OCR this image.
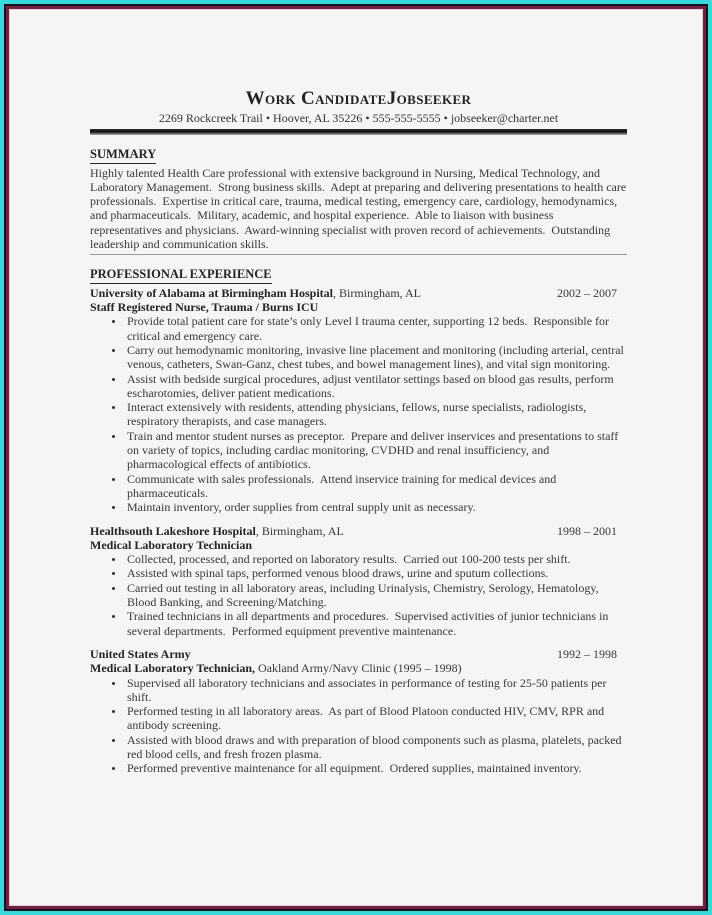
Work CandidateJobseeker
2269 Rockcreek Trail • Hoover, AL 35226 • 555-555-5555 • jobseeker@charter.net
SUMMARY
Highly talented Health Care professional with extensive background in Nursing, Medical Technology, and Laboratory Management.  Strong business skills.  Adept at preparing and delivering presentations to health care professionals.  Expertise in critical care, trauma, medical testing, emergency care, cardiology, hemodynamics, and pharmaceuticals.  Military, academic, and hospital experience.  Able to liaison with business representatives and physicians.  Award-winning specialist with proven record of achievements.  Outstanding leadership and communication skills.
PROFESSIONAL EXPERIENCE
University of Alabama at Birmingham Hospital, Birmingham, AL	2002 – 2007
Staff Registered Nurse, Trauma / Burns ICU
• Provide total patient care for state’s only Level I trauma center, supporting 12 beds.  Responsible for critical and emergency care.
• Carry out hemodynamic monitoring, invasive line placement and monitoring (including arterial, central venous, catheters, Swan-Ganz, chest tubes, and bowel management lines), and vital sign monitoring.
• Assist with bedside surgical procedures, adjust ventilator settings based on blood gas results, perform escharotomies, deliver patient medications.
• Interact extensively with residents, attending physicians, fellows, nurse specialists, radiologists, respiratory therapists, and case managers.
• Train and mentor student nurses as preceptor.  Prepare and deliver inservices and presentations to staff on variety of topics, including cardiac monitoring, CVDHD and renal insufficiency, and pharmacological effects of antibiotics.
• Communicate with sales professionals.  Attend inservice training for medical devices and pharmaceuticals.
• Maintain inventory, order supplies from central supply unit as necessary.
Healthsouth Lakeshore Hospital, Birmingham, AL	1998 – 2001
Medical Laboratory Technician
• Collected, processed, and reported on laboratory results.  Carried out 100-200 tests per shift.
• Assisted with spinal taps, performed venous blood draws, urine and sputum collections.
• Carried out testing in all laboratory areas, including Urinalysis, Chemistry, Serology, Hematology, Blood Banking, and Screening/Matching.
• Trained technicians in all departments and procedures.  Supervised activities of junior technicians in several departments.  Performed equipment preventive maintenance.
United States Army	1992 – 1998
Medical Laboratory Technician, Oakland Army/Navy Clinic (1995 – 1998)
• Supervised all laboratory technicians and associates in performance of testing for 25-50 patients per shift.
• Performed testing in all laboratory areas.  As part of Blood Platoon conducted HIV, CMV, RPR and antibody screening.
• Assisted with blood draws and with preparation of blood components such as plasma, platelets, packed red blood cells, and fresh frozen plasma.
• Performed preventive maintenance for all equipment.  Ordered supplies, maintained inventory.
